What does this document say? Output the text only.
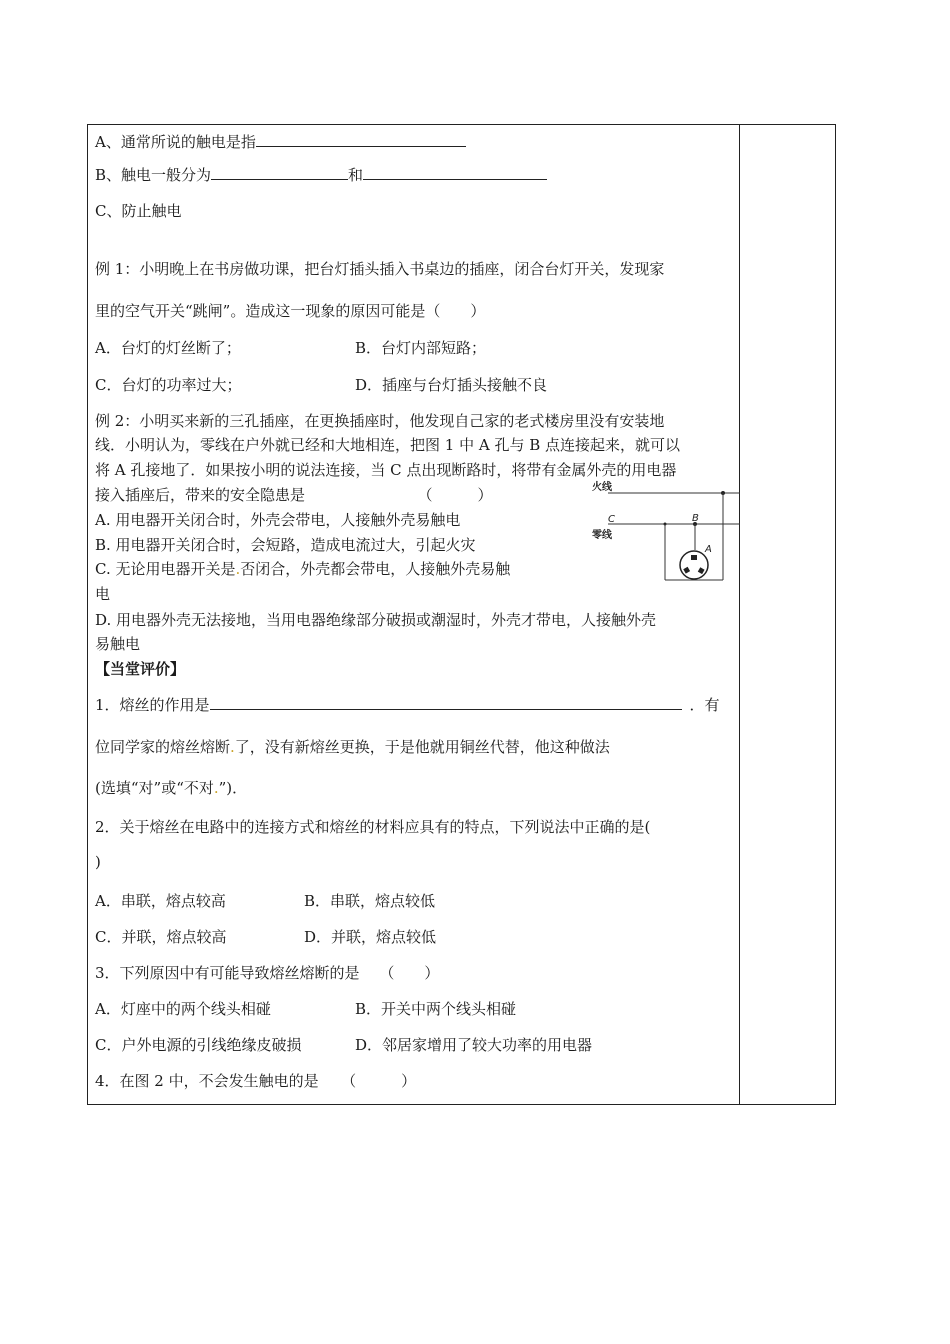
A、通常所说的触电是指
B、触电一般分为	和
C、防止触电
例 1：小明晚上在书房做功课，把台灯插头插入书桌边的插座，闭合台灯开关，发现家
里的空气开关“跳闸”。造成这一现象的原因可能是（　　）
A．台灯的灯丝断了；	B．台灯内部短路；
C．台灯的功率过大；	D．插座与台灯插头接触不良
例 2：小明买来新的三孔插座，在更换插座时，他发现自己家的老式楼房里没有安装地
线．小明认为，零线在户外就已经和大地相连，把图 1 中 A 孔与 B 点连接起来，就可以
将 A 孔接地了．如果按小明的说法连接，当 C 点出现断路时，将带有金属外壳的用电器
接入插座后，带来的安全隐患是　　　　　　　　（　　　）
A. 用电器开关闭合时，外壳会带电，人接触外壳易触电
B. 用电器开关闭合时，会短路，造成电流过大，引起火灾
C. 无论用电器开关是.否闭合，外壳都会带电，人接触外壳易触
电
D. 用电器外壳无法接地，当用电器绝缘部分破损或潮湿时，外壳才带电，人接触外壳
易触电
火线
零线
C	B
A
【当堂评价】
1．熔丝的作用是	．有
位同学家的熔丝熔断.了，没有新熔丝更换，于是他就用铜丝代替，他这种做法
(选填“对”或“不对.”)．
2．关于熔丝在电路中的连接方式和熔丝的材料应具有的特点，下列说法中正确的是(
)
A．串联，熔点较高	B．串联，熔点较低
C．并联，熔点较高	D．并联，熔点较低
3．下列原因中有可能导致熔丝熔断的是　 （　　）
A．灯座中的两个线头相碰	B．开关中两个线头相碰
C．户外电源的引线绝缘皮破损	D．邻居家增用了较大功率的用电器
4．在图 2 中，不会发生触电的是　　（　　　）
